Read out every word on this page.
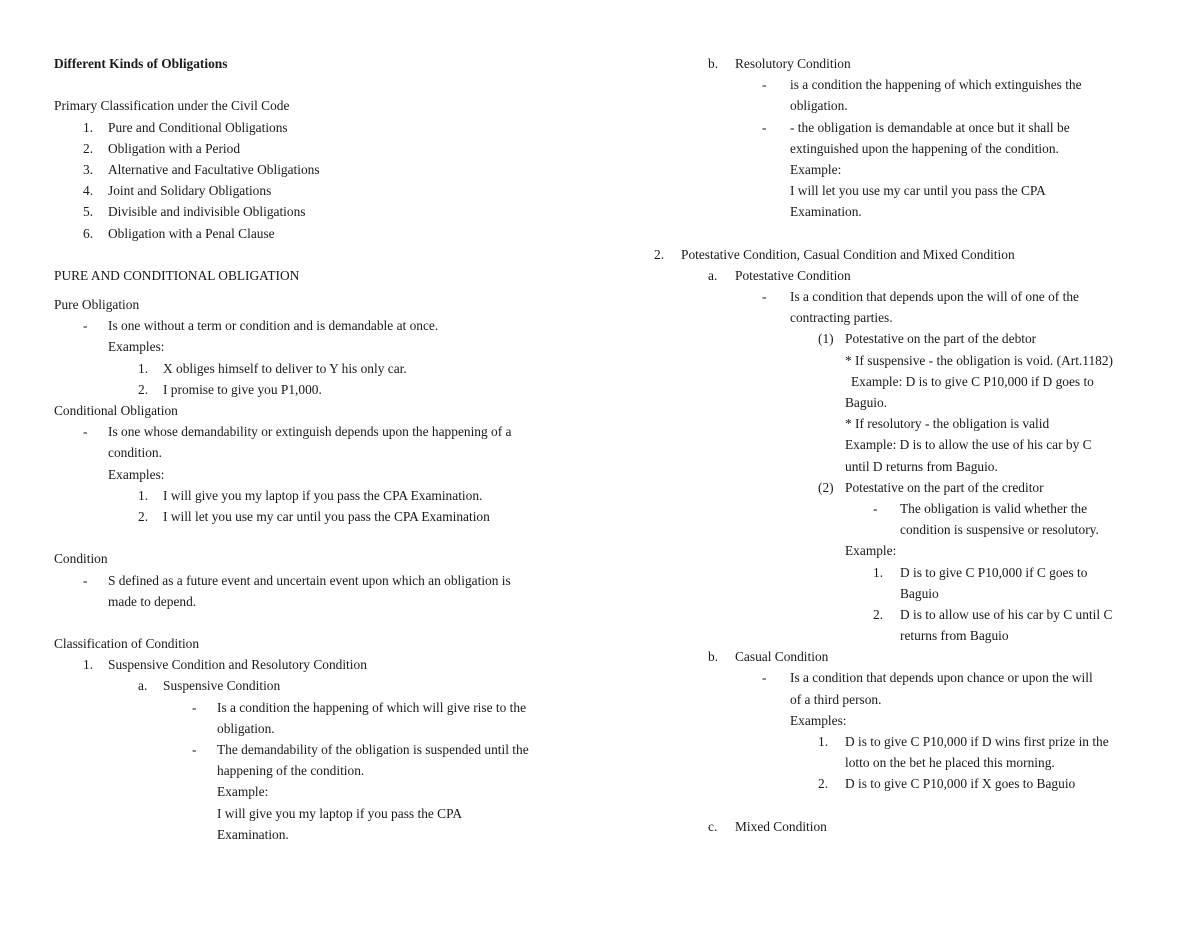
Different Kinds of Obligations
Primary Classification under the Civil Code
1. Pure and Conditional Obligations
2. Obligation with a Period
3. Alternative and Facultative Obligations
4. Joint and Solidary Obligations
5. Divisible and indivisible Obligations
6. Obligation with a Penal Clause
PURE AND CONDITIONAL OBLIGATION
Pure Obligation
- Is one without a term or condition and is demandable at once.
Examples:
1. X obliges himself to deliver to Y his only car.
2. I promise to give you P1,000.
Conditional Obligation
- Is one whose demandability or extinguish depends upon the happening of a
condition.
Examples:
1. I will give you my laptop if you pass the CPA Examination.
2. I will let you use my car until you pass the CPA Examination
Condition
- S defined as a future event and uncertain event upon which an obligation is
made to depend.
Classification of Condition
1. Suspensive Condition and Resolutory Condition
a. Suspensive Condition
- Is a condition the happening of which will give rise to the
obligation.
- The demandability of the obligation is suspended until the
happening of the condition.
Example:
I will give you my laptop if you pass the CPA
Examination.
b. Resolutory Condition
- is a condition the happening of which extinguishes the
obligation.
- - the obligation is demandable at once but it shall be
extinguished upon the happening of the condition.
Example:
I will let you use my car until you pass the CPA
Examination.
2. Potestative Condition, Casual Condition and Mixed Condition
a. Potestative Condition
- Is a condition that depends upon the will of one of the
contracting parties.
(1) Potestative on the part of the debtor
* If suspensive - the obligation is void. (Art.1182)
Example: D is to give C P10,000 if D goes to
Baguio.
* If resolutory - the obligation is valid
Example: D is to allow the use of his car by C
until D returns from Baguio.
(2) Potestative on the part of the creditor
- The obligation is valid whether the
condition is suspensive or resolutory.
Example:
1. D is to give C P10,000 if C goes to
Baguio
2. D is to allow use of his car by C until C
returns from Baguio
b. Casual Condition
- Is a condition that depends upon chance or upon the will
of a third person.
Examples:
1. D is to give C P10,000 if D wins first prize in the
lotto on the bet he placed this morning.
2. D is to give C P10,000 if X goes to Baguio
c. Mixed Condition
